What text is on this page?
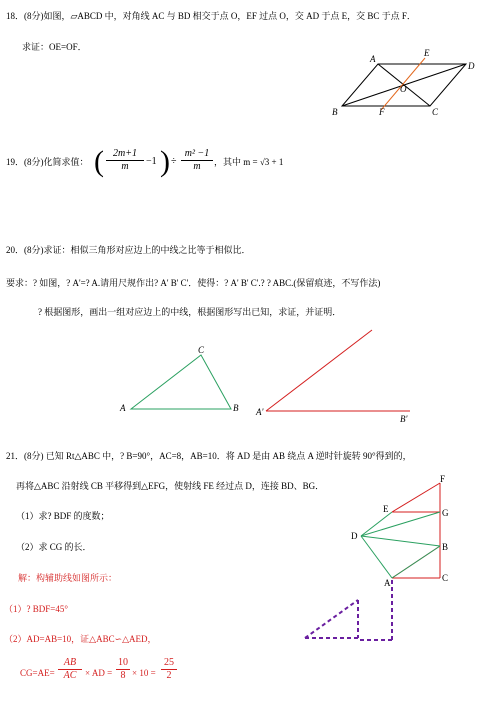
18．(8分)如图，▱ABCD 中，对角线 AC 与 BD 相交于点 O，EF 过点 O，交 AD 于点 E，交 BC 于点 F．
求证：OE=OF．
A
E
D
O
B	F	C
19．(8分)化简求值： ( $\frac{2m+1}{m} -1$ ) ÷ $\frac{\text{m² −1}}{m}$ ，其中 m = √3 + 1
20．(8分)求证：相似三角形对应边上的中线之比等于相似比．
要求：? 如图，? A'=? A.请用尺规作出? A' B' C'．使得：? A' B' C'.? ? ABC.(保留痕迹，不写作法)
? 根据图形，画出一组对应边上的中线，根据图形写出已知，求证，并证明．
A	B
C
A'
B'
21．(8分) 已知 Rt△ABC 中，? B=90°，AC=8，AB=10．将 AD 是由 AB 绕点 A 逆时针旋转 90°得到的，
再将△ABC 沿射线 CB 平移得到△EFG，使射线 FE 经过点 D，连接 BD、BG．
（1）求? BDF 的度数；
（2）求 CG 的长．
解：构辅助线如图所示：
（1）? BDF=45°
（2）AD=AB=10，证△ABC∽△AED，
$CG=AE= \frac{AB}{AC}$ × AD = $\frac{10}{8} \times 10 = \frac{25}{2}$
F
E	G
D
B
A	C
